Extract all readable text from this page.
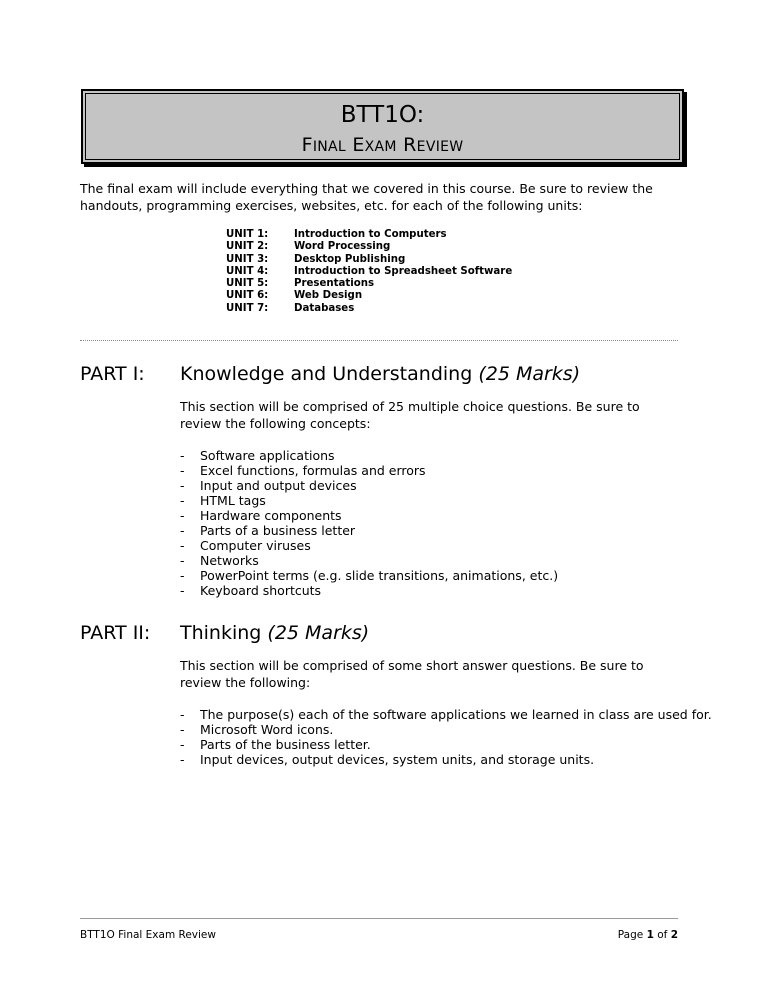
BTT1O:
FINAL EXAM REVIEW
The final exam will include everything that we covered in this course. Be sure to review the handouts, programming exercises, websites, etc. for each of the following units:
UNIT 1:	Introduction to Computers
UNIT 2:	Word Processing
UNIT 3:	Desktop Publishing
UNIT 4:	Introduction to Spreadsheet Software
UNIT 5:	Presentations
UNIT 6:	Web Design
UNIT 7:	Databases
PART I: Knowledge and Understanding (25 Marks)
This section will be comprised of 25 multiple choice questions. Be sure to review the following concepts:
-	Software applications
-	Excel functions, formulas and errors
-	Input and output devices
-	HTML tags
-	Hardware components
-	Parts of a business letter
-	Computer viruses
-	Networks
-	PowerPoint terms (e.g. slide transitions, animations, etc.)
-	Keyboard shortcuts
PART II: Thinking (25 Marks)
This section will be comprised of some short answer questions. Be sure to review the following:
-	The purpose(s) each of the software applications we learned in class are used for.
-	Microsoft Word icons.
-	Parts of the business letter.
-	Input devices, output devices, system units, and storage units.
BTT1O Final Exam Review	Page 1 of 2
